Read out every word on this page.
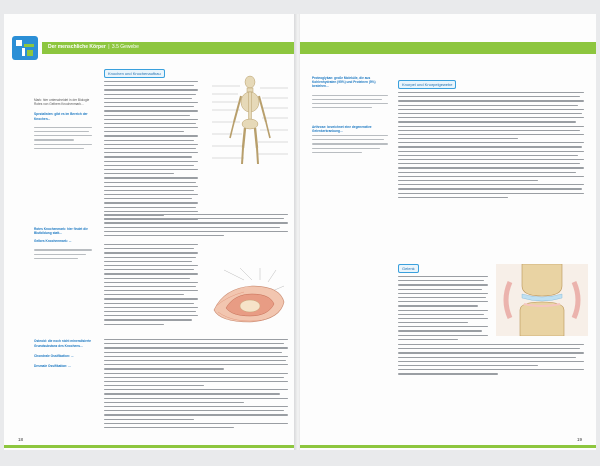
Der menschliche Körper | 3.5 Gewebe
Mark: hier unterscheidet in der Biologie Rotes von Gelbem Knochenmark...
Spezialisten: gibt es im Bereich der Knochen...
Rotes Knochenmark: hier findet die Blutbildung statt...
Gelbes Knochenmark: ...
Osteoid: die noch nicht mineralisierte Grundsubstanz des Knochens...
Chondrale Ossifikation: ...
Desmale Ossifikation: ...
Knochen und Knochenaufbau
18
Proteoglykan: große Moleküle, die aus Kohlenhydraten (95%) und Proteinen (5%) bestehen...
Arthrose: bezeichnet eine degenerative Gelenkerkrankung...
Knorpel und Knorpelgewebe
Gelenk
19
